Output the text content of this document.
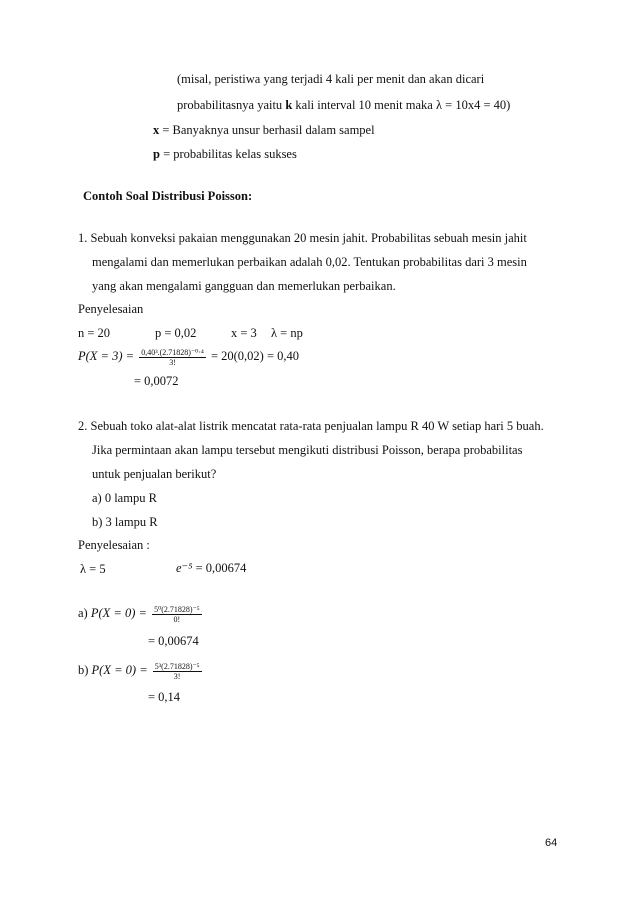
(misal, peristiwa yang terjadi 4 kali per menit dan akan dicari
probabilitasnya yaitu k kali interval 10 menit maka λ = 10x4 = 40)
x = Banyaknya unsur berhasil dalam sampel
p = probabilitas kelas sukses
Contoh Soal Distribusi Poisson:
1. Sebuah konveksi pakaian menggunakan 20 mesin jahit. Probabilitas sebuah mesin jahit
mengalami dan memerlukan perbaikan adalah 0,02. Tentukan probabilitas dari 3 mesin
yang akan mengalami gangguan dan memerlukan perbaikan.
Penyelesaian
n = 20	p = 0,02	x = 3 λ = np
$P(X = 3) = \frac{\text{0,40³.(2.71828)⁻⁰·⁴}}{3!} = 20(0,02) = 0,40$
= 0,0072
2. Sebuah toko alat-alat listrik mencatat rata-rata penjualan lampu R 40 W setiap hari 5 buah.
Jika permintaan akan lampu tersebut mengikuti distribusi Poisson, berapa probabilitas
untuk penjualan berikut?
a) 0 lampu R
b) 3 lampu R
Penyelesaian :
λ = 5	e⁻⁵ = 0,00674
a) $P(X = 0) = \frac{\text{5⁰(2.71828)⁻⁵}}{0!}$
= 0,00674
b) $P(X = 0) = \frac{\text{5³(2.71828)⁻⁵}}{3!}$
= 0,14
64
